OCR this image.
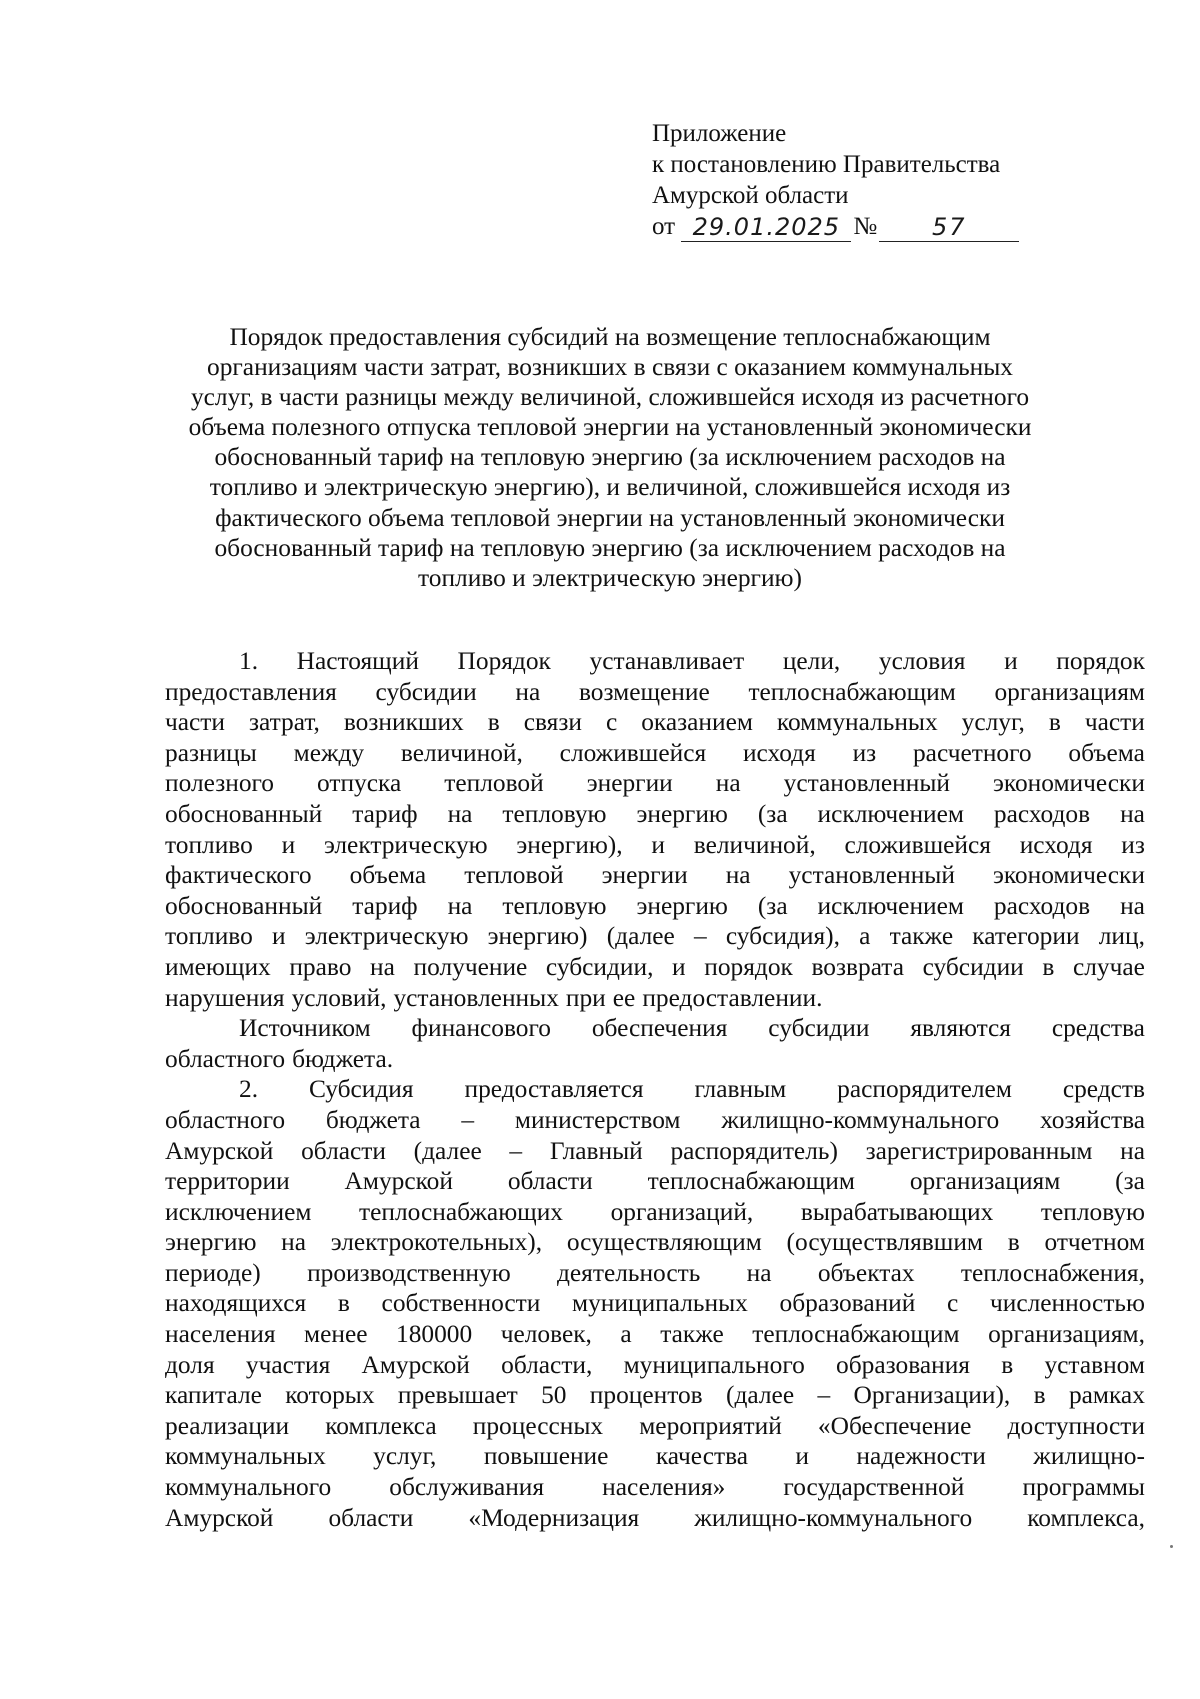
Приложение
к постановлению Правительства
Амурской области
от
29.01.2025 №	57
Порядок предоставления субсидий на возмещение теплоснабжающим
организациям части затрат, возникших в связи с оказанием коммунальных
услуг, в части разницы между величиной, сложившейся исходя из расчетного
объема полезного отпуска тепловой энергии на установленный экономически
обоснованный тариф на тепловую энергию (за исключением расходов на
топливо и электрическую энергию), и величиной, сложившейся исходя из
фактического объема тепловой энергии на установленный экономически
обоснованный тариф на тепловую энергию (за исключением расходов на
топливо и электрическую энергию)
1. Настоящий Порядок устанавливает цели, условия и порядок
предоставления субсидии на возмещение теплоснабжающим организациям
части затрат, возникших в связи с оказанием коммунальных услуг, в части
разницы между величиной, сложившейся исходя из расчетного объема
полезного отпуска тепловой энергии на установленный экономически
обоснованный тариф на тепловую энергию (за исключением расходов на
топливо и электрическую энергию), и величиной, сложившейся исходя из
фактического объема тепловой энергии на установленный экономически
обоснованный тариф на тепловую энергию (за исключением расходов на
топливо и электрическую энергию) (далее – субсидия), а также категории лиц,
имеющих право на получение субсидии, и порядок возврата субсидии в случае
нарушения условий, установленных при ее предоставлении.
Источником финансового обеспечения субсидии являются средства
областного бюджета.
2. Субсидия предоставляется главным распорядителем средств
областного бюджета – министерством жилищно-коммунального хозяйства
Амурской области (далее – Главный распорядитель) зарегистрированным на
территории Амурской области теплоснабжающим организациям (за
исключением теплоснабжающих организаций, вырабатывающих тепловую
энергию на электрокотельных), осуществляющим (осуществлявшим в отчетном
периоде) производственную деятельность на объектах теплоснабжения,
находящихся в собственности муниципальных образований с численностью
населения менее 180000 человек, а также теплоснабжающим организациям,
доля участия Амурской области, муниципального образования в уставном
капитале которых превышает 50 процентов (далее – Организации), в рамках
реализации комплекса процессных мероприятий «Обеспечение доступности
коммунальных услуг, повышение качества и надежности жилищно-
коммунального обслуживания населения» государственной программы
Амурской области «Модернизация жилищно-коммунального комплекса,
